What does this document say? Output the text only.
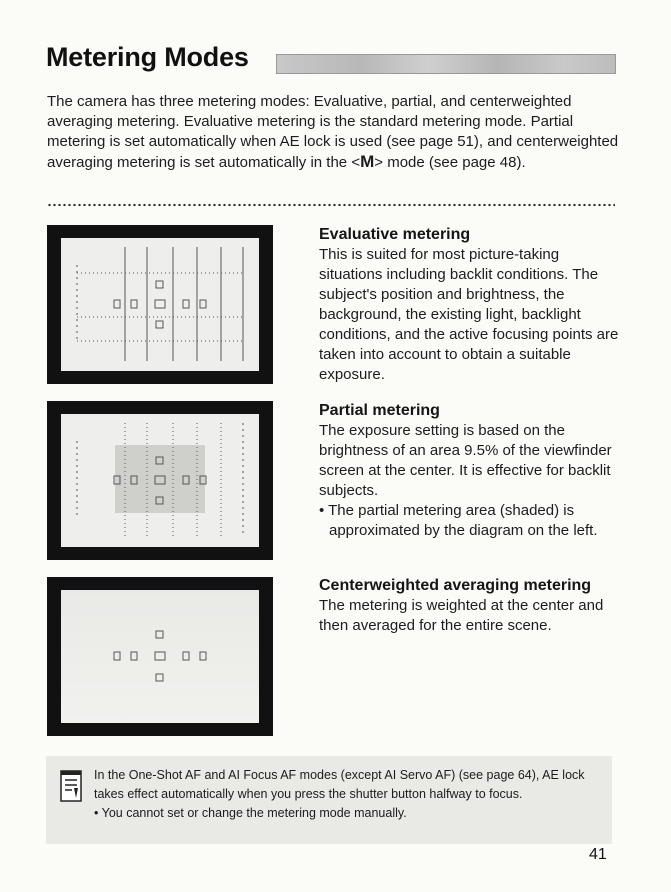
Metering Modes
The camera has three metering modes: Evaluative, partial, and centerweighted averaging metering. Evaluative metering is the standard metering mode. Partial metering is set automatically when AE lock is used (see page 51), and centerweighted averaging metering is set automatically in the <M> mode (see page 48).
Evaluative metering

This is suited for most picture-taking situations including backlit conditions. The subject's position and brightness, the background, the existing light, backlight conditions, and the active focusing points are taken into account to obtain a suitable exposure.

Partial metering

The exposure setting is based on the brightness of an area 9.5% of the viewfinder screen at the center. It is effective for backlit subjects.

• The partial metering area (shaded) is approximated by the diagram on the left.

Centerweighted averaging metering

The metering is weighted at the center and then averaged for the entire scene.

In the One-Shot AF and AI Focus AF modes (except AI Servo AF) (see page 64), AE lock takes effect automatically when you press the shutter button halfway to focus.
• You cannot set or change the metering mode manually.
41
